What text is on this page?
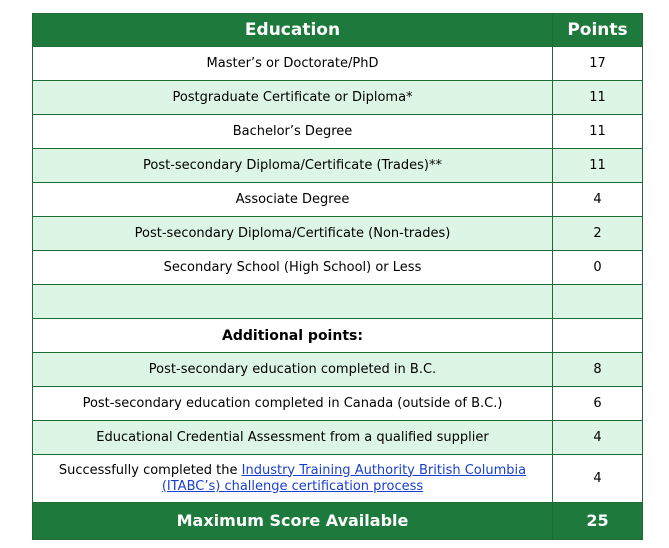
Education	Points
Master’s or Doctorate/PhD	17
Postgraduate Certificate or Diploma*	11
Bachelor’s Degree	11
Post-secondary Diploma/Certificate (Trades)**	11
Associate Degree	4
Post-secondary Diploma/Certificate (Non-trades)	2
Secondary School (High School) or Less	0

Additional points:	
Post-secondary education completed in B.C.	8
Post-secondary education completed in Canada (outside of B.C.)	6
Educational Credential Assessment from a qualified supplier	4
Successfully completed the Industry Training Authority British Columbia (ITABC’s) challenge certification process	4
Maximum Score Available	25
